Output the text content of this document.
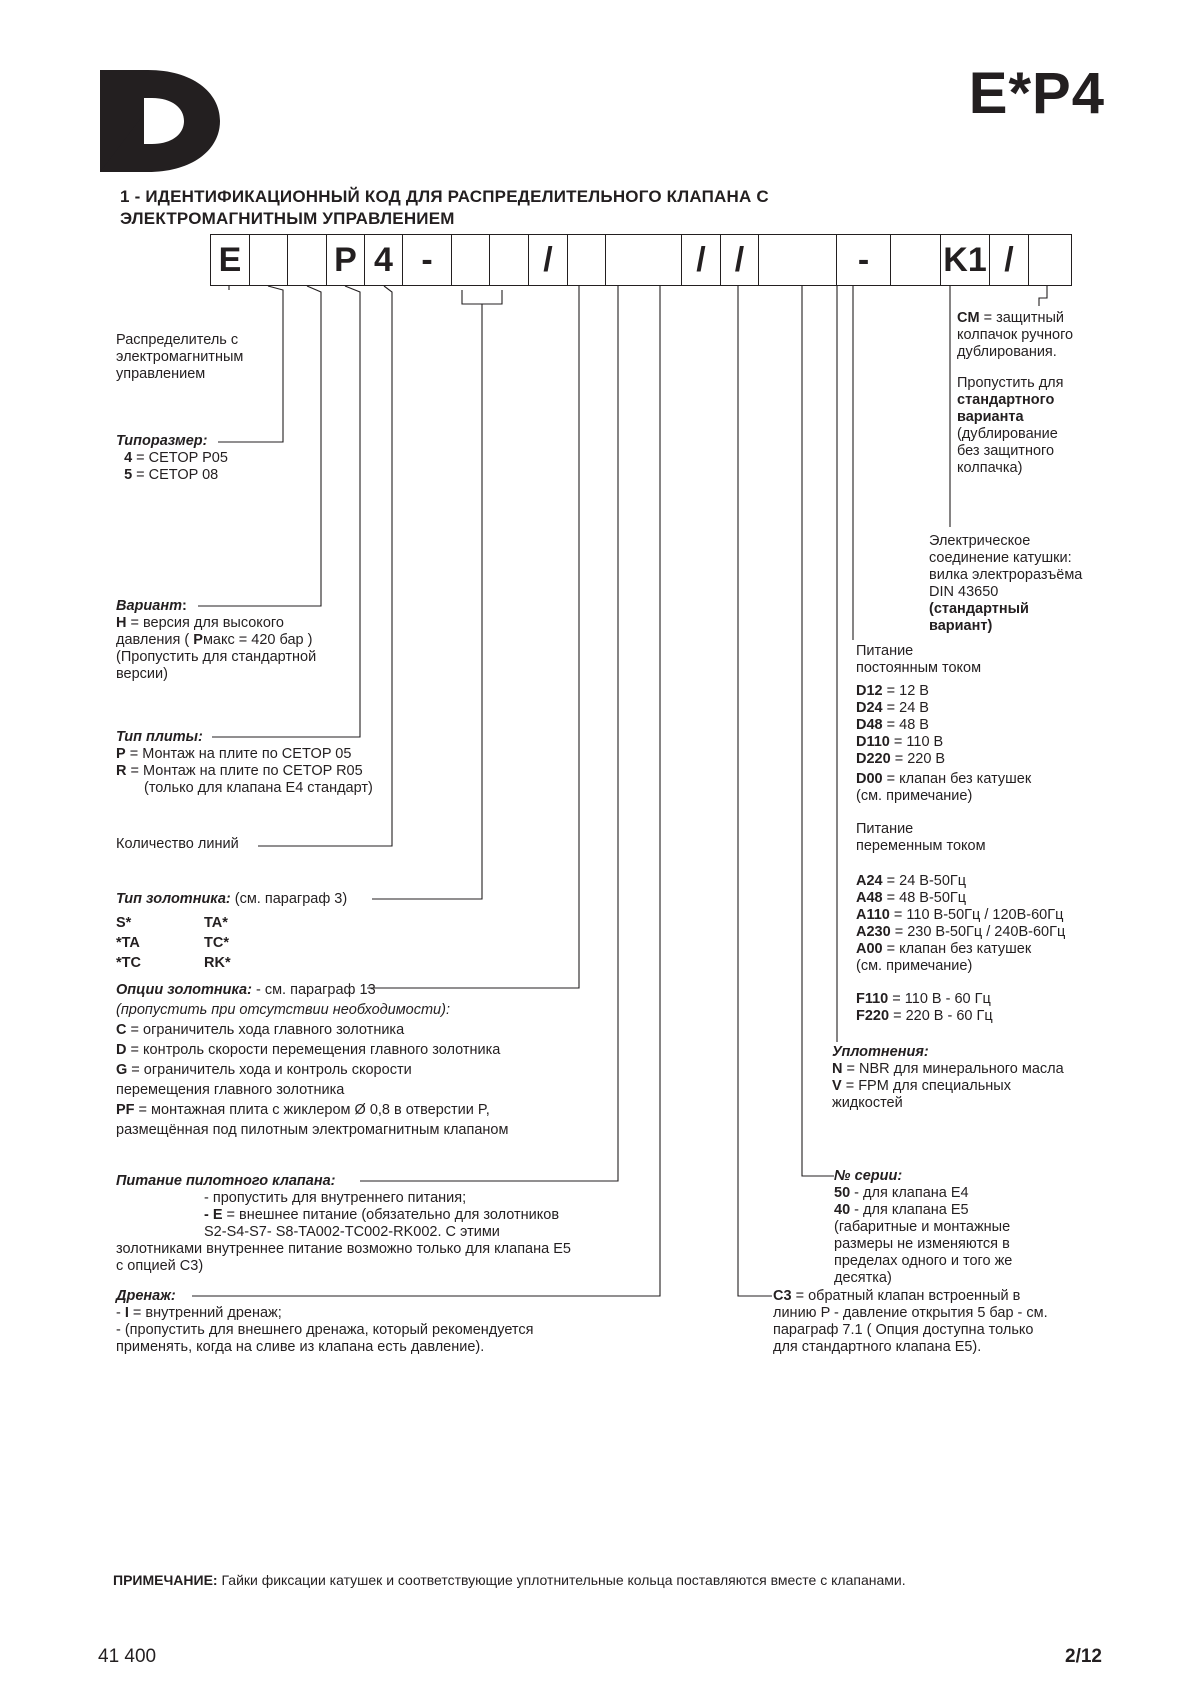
E*P4
1 - ИДЕНТИФИКАЦИОННЫЙ КОД ДЛЯ РАСПРЕДЕЛИТЕЛЬНОГО КЛАПАНА С
ЭЛЕКТРОМАГНИТНЫМ УПРАВЛЕНИЕМ
E	P 4 -	/	/ /	-	K1 /
Распределитель с
электромагнитным
управлением
Типоразмер:
4 = CETOP P05
5 = CETOP 08
Вариант:
H = версия для высокого
давления ( Pмакс = 420 бар )
(Пропустить для стандартной
версии)
Тип плиты:
P = Монтаж на плите по CETOP 05
R = Монтаж на плите по CETOP R05
(только для клапана E4 стандарт)
Количество линий
Тип золотника: (см. параграф 3)
S*	TA*
*TA	TC*
*TC	RK*
Опции золотника: - см. параграф 13
(пропустить при отсутствии необходимости):
C = ограничитель хода главного золотника
D = контроль скорости перемещения главного золотника
G = ограничитель хода и контроль скорости
перемещения главного золотника
PF = монтажная плита с жиклером Ø 0,8 в отверстии P,
размещённая под пилотным электромагнитным клапаном
Питание пилотного клапана:
- пропустить для внутреннего питания;
- E = внешнее питание (обязательно для золотников
S2-S4-S7- S8-TA002-TC002-RK002. С этими
золотниками внутреннее питание возможно только для клапана E5
с опцией C3)
Дренаж:
- I = внутренний дренаж;
- (пропустить для внешнего дренажа, который рекомендуется
применять, когда на сливе из клапана есть давление).
CM = защитный
колпачок ручного
дублирования.
Пропустить для
стандартного
варианта
(дублирование
без защитного
колпачка)
Электрическое
соединение катушки:
вилка электроразъёма
DIN 43650
(стандартный
вариант)
Питание
постоянным током
D12 = 12 В
D24 = 24 В
D48 = 48 В
D110 = 110 В
D220 = 220 В
D00 = клапан без катушек
(см. примечание)
Питание
переменным током
A24 = 24 В-50Гц
A48 = 48 В-50Гц
A110 = 110 В-50Гц / 120В-60Гц
A230 = 230 В-50Гц / 240В-60Гц
A00 = клапан без катушек
(см. примечание)
F110 = 110 В - 60 Гц
F220 = 220 В - 60 Гц
Уплотнения:
N = NBR для минерального масла
V = FPM для специальных
жидкостей
№ серии:
50 - для клапана E4
40 - для клапана E5
(габаритные и монтажные
размеры не изменяются в
пределах одного и того же
десятка)
C3 = обратный клапан встроенный в
линию P - давление открытия 5 бар - см.
параграф 7.1 ( Опция доступна только
для стандартного клапана E5).
ПРИМЕЧАНИЕ: Гайки фиксации катушек и соответствующие уплотнительные кольца поставляются вместе с клапанами.
41 400	2/12
